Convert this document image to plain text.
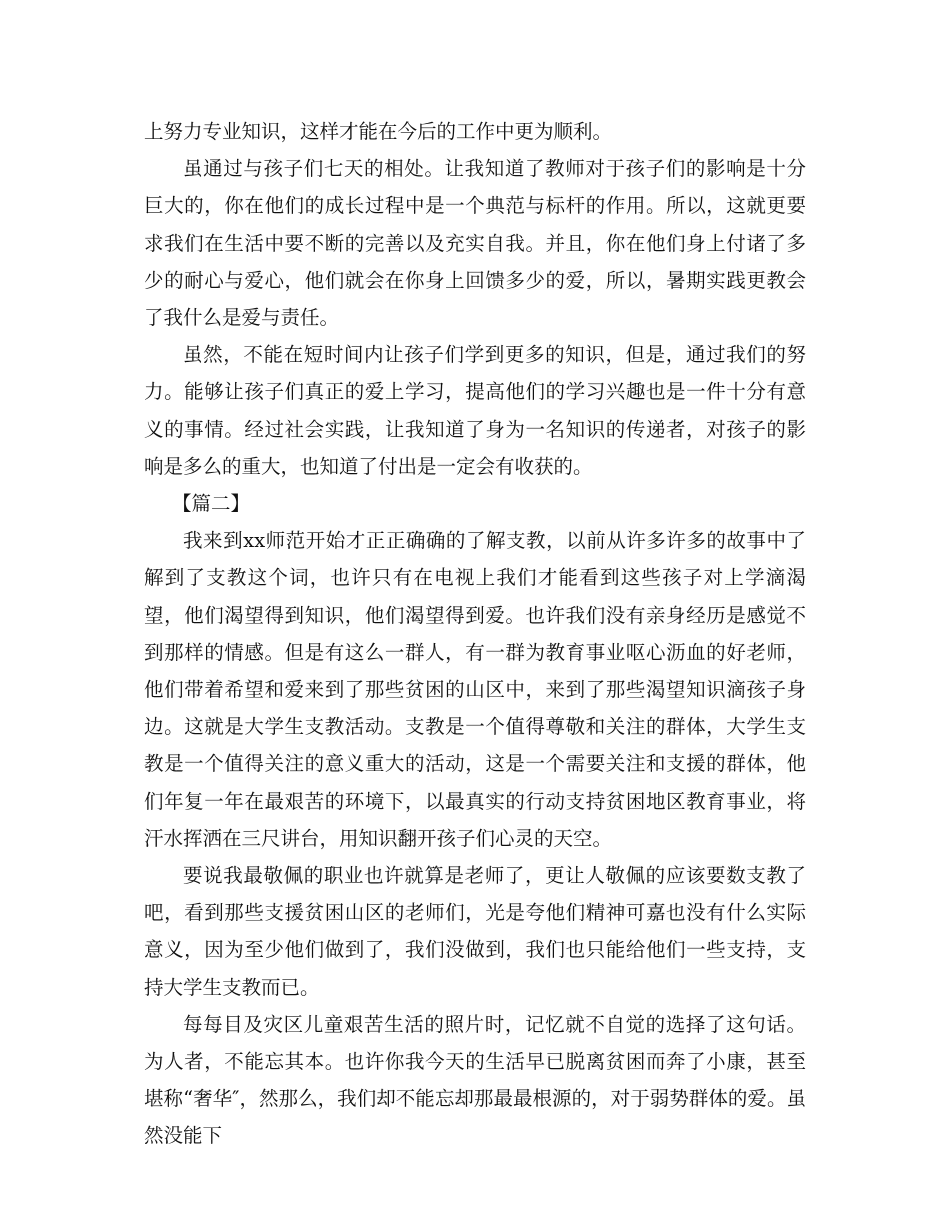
上努力专业知识，这样才能在今后的工作中更为顺利。

虽通过与孩子们七天的相处。让我知道了教师对于孩子们的影响是十分巨大的，你在他们的成长过程中是一个典范与标杆的作用。所以，这就更要求我们在生活中要不断的完善以及充实自我。并且，你在他们身上付诸了多少的耐心与爱心，他们就会在你身上回馈多少的爱，所以，暑期实践更教会了我什么是爱与责任。

虽然，不能在短时间内让孩子们学到更多的知识，但是，通过我们的努力。能够让孩子们真正的爱上学习，提高他们的学习兴趣也是一件十分有意义的事情。经过社会实践，让我知道了身为一名知识的传递者，对孩子的影响是多么的重大，也知道了付出是一定会有收获的。

【篇二】

我来到xx师范开始才正正确确的了解支教，以前从许多许多的故事中了解到了支教这个词，也许只有在电视上我们才能看到这些孩子对上学滴渴望，他们渴望得到知识，他们渴望得到爱。也许我们没有亲身经历是感觉不到那样的情感。但是有这么一群人，有一群为教育事业呕心沥血的好老师，他们带着希望和爱来到了那些贫困的山区中，来到了那些渴望知识滴孩子身边。这就是大学生支教活动。支教是一个值得尊敬和关注的群体，大学生支教是一个值得关注的意义重大的活动，这是一个需要关注和支援的群体，他们年复一年在最艰苦的环境下，以最真实的行动支持贫困地区教育事业，将汗水挥洒在三尺讲台，用知识翻开孩子们心灵的天空。

要说我最敬佩的职业也许就算是老师了，更让人敬佩的应该要数支教了吧，看到那些支援贫困山区的老师们，光是夸他们精神可嘉也没有什么实际意义，因为至少他们做到了，我们没做到，我们也只能给他们一些支持，支持大学生支教而已。

每每目及灾区儿童艰苦生活的照片时，记忆就不自觉的选择了这句话。为人者，不能忘其本。也许你我今天的生活早已脱离贫困而奔了小康，甚至堪称“奢华″，然那么，我们却不能忘却那最最根源的，对于弱势群体的爱。虽然没能下
